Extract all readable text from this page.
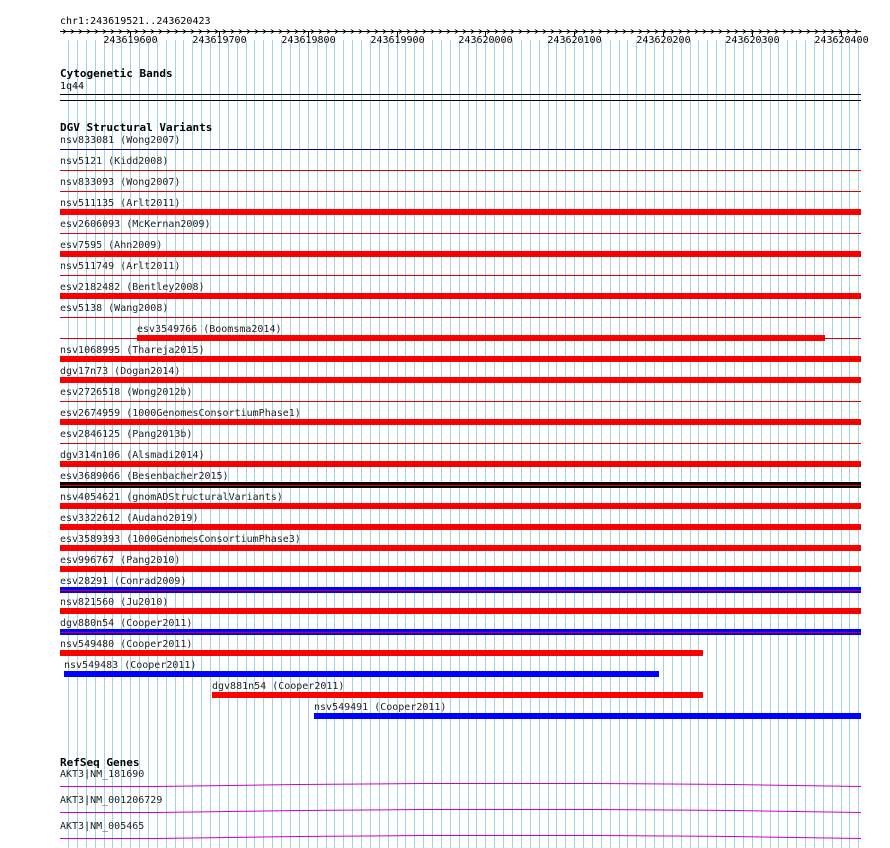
chr1:243619521..243620423
243619600	243619700	243619800	243619900	243620000	243620100	243620200	243620300	243620400
Cytogenetic Bands
1q44
DGV Structural Variants
nsv833081 (Wong2007)
nsv5121 (Kidd2008)
nsv833093 (Wong2007)
nsv511135 (Arlt2011)
esv2606093 (McKernan2009)
esv7595 (Ahn2009)
nsv511749 (Arlt2011)
esv2182482 (Bentley2008)
esv5138 (Wang2008)
esv3549766 (Boomsma2014)
nsv1068995 (Thareja2015)
dgv17n73 (Dogan2014)
esv2726518 (Wong2012b)
esv2674959 (1000GenomesConsortiumPhase1)
esv2846125 (Pang2013b)
dgv314n106 (Alsmadi2014)
esv3689066 (Besenbacher2015)
nsv4054621 (gnomADStructuralVariants)
esv3322612 (Audano2019)
esv3589393 (1000GenomesConsortiumPhase3)
esv996767 (Pang2010)
esv28291 (Conrad2009)
nsv821560 (Ju2010)
dgv880n54 (Cooper2011)
nsv549480 (Cooper2011)
nsv549483 (Cooper2011)
dgv881n54 (Cooper2011)
nsv549491 (Cooper2011)
RefSeq Genes
AKT3|NM_181690
AKT3|NM_001206729
AKT3|NM_005465
